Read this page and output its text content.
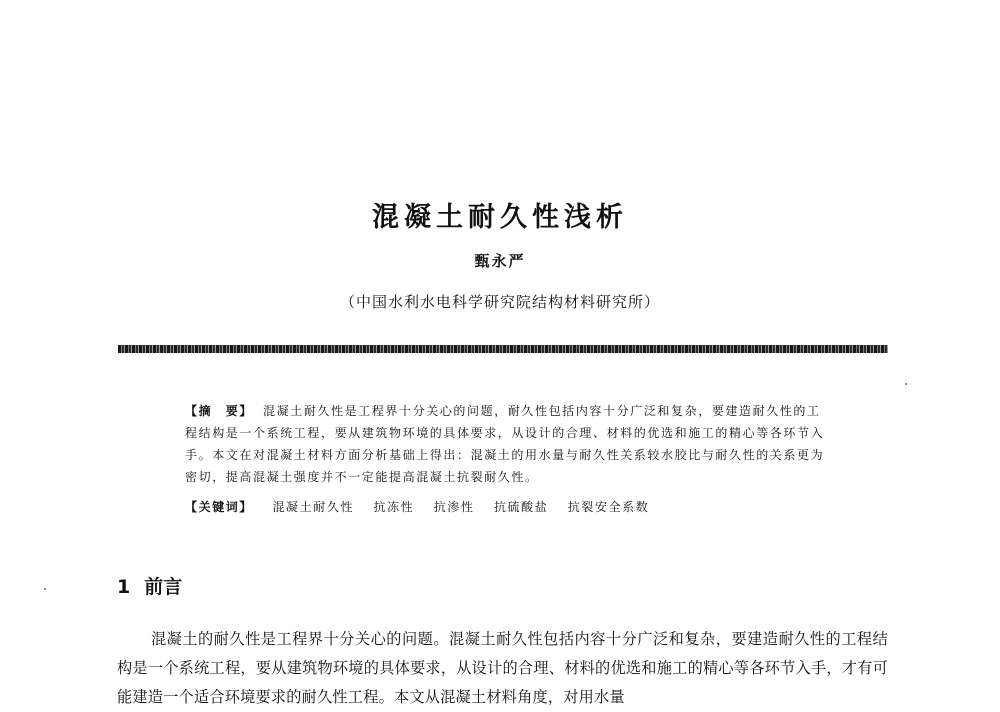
混凝土耐久性浅析
甄永严
（中国水利水电科学研究院结构材料研究所）
【摘　要】 混凝土耐久性是工程界十分关心的问题，耐久性包括内容十分广泛和复杂，要建造耐久性的工程结构是一个系统工程，要从建筑物环境的具体要求，从设计的合理、材料的优选和施工的精心等各环节入手。本文在对混凝土材料方面分析基础上得出：混凝土的用水量与耐久性关系较水胶比与耐久性的关系更为密切，提高混凝土强度并不一定能提高混凝土抗裂耐久性。
【关键词】 混凝土耐久性 抗冻性 抗渗性 抗硫酸盐 抗裂安全系数
1 前言
混凝土的耐久性是工程界十分关心的问题。混凝土耐久性包括内容十分广泛和复杂，要建造耐久性的工程结构是一个系统工程，要从建筑物环境的具体要求，从设计的合理、材料的优选和施工的精心等各环节入手，才有可能建造一个适合环境要求的耐久性工程。本文从混凝土材料角度，对用水量
